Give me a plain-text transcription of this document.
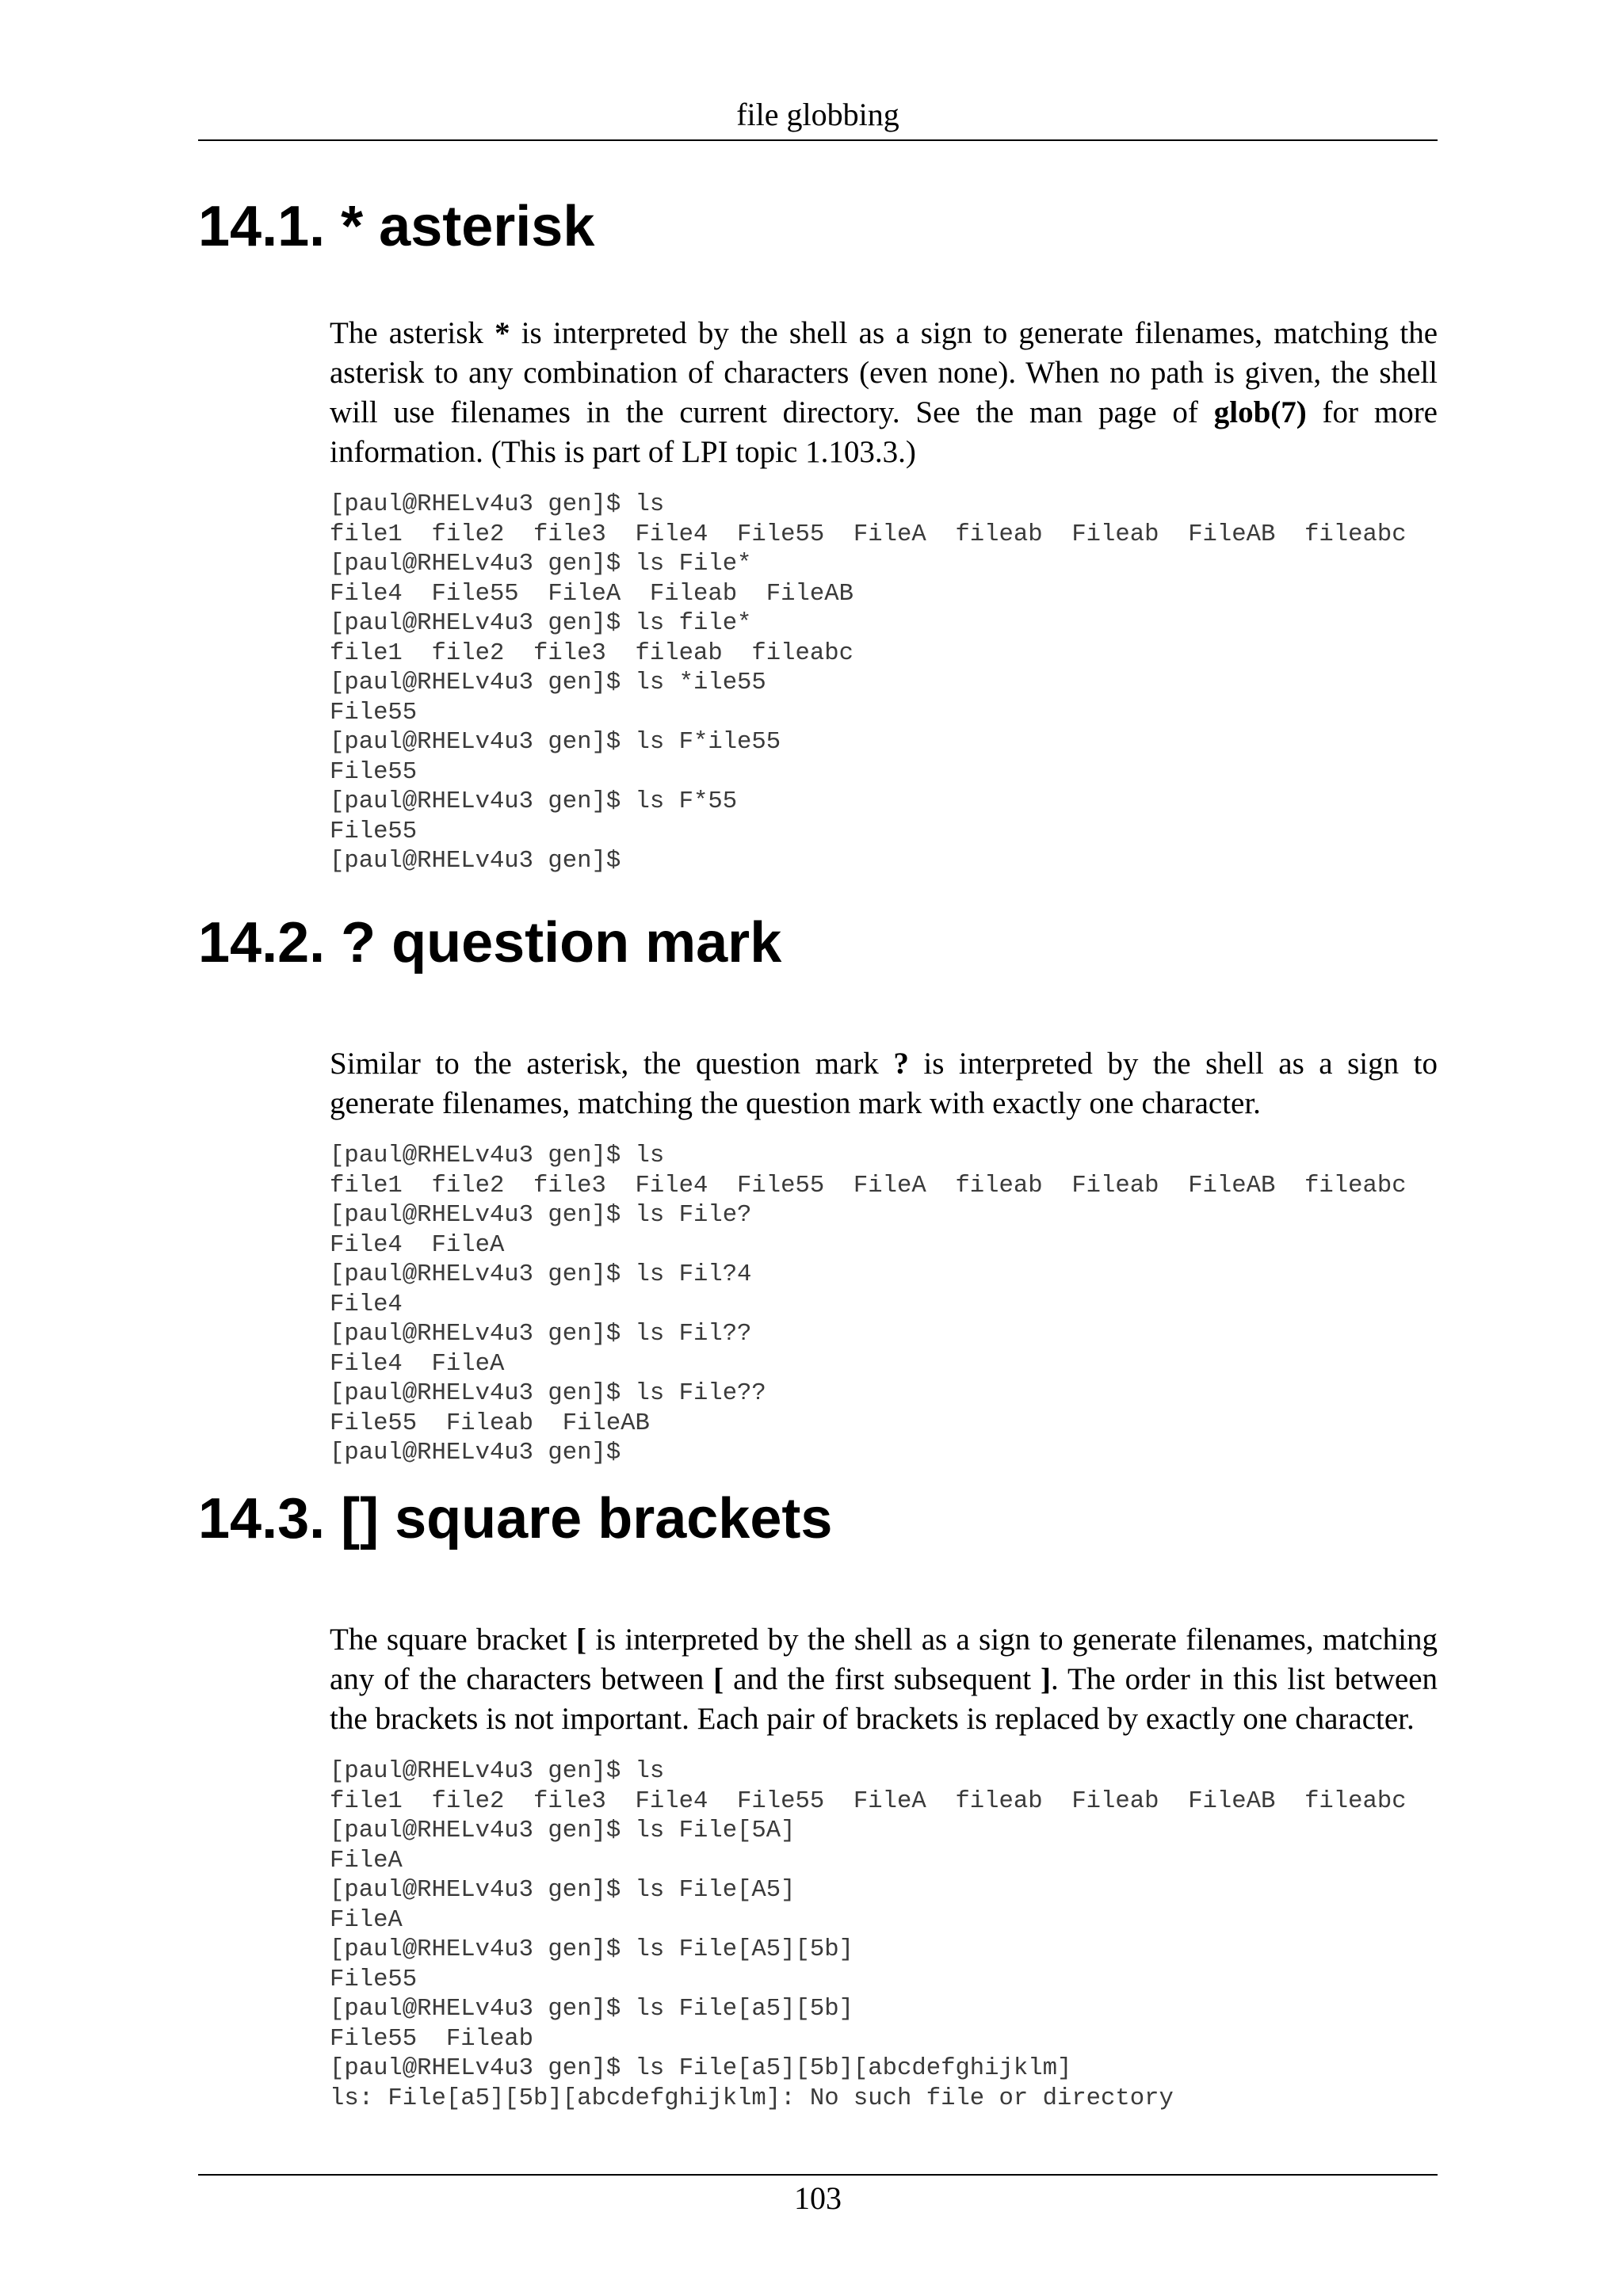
file globbing
14.1. * asterisk

The asterisk * is interpreted by the shell as a sign to generate filenames, matching the asterisk to any combination of characters (even none). When no path is given, the shell will use filenames in the current directory. See the man page of glob(7) for more information. (This is part of LPI topic 1.103.3.)

[paul@RHELv4u3 gen]$ ls
file1  file2  file3  File4  File55  FileA  fileab  Fileab  FileAB  fileabc
[paul@RHELv4u3 gen]$ ls File*
File4  File55  FileA  Fileab  FileAB
[paul@RHELv4u3 gen]$ ls file*
file1  file2  file3  fileab  fileabc
[paul@RHELv4u3 gen]$ ls *ile55
File55
[paul@RHELv4u3 gen]$ ls F*ile55
File55
[paul@RHELv4u3 gen]$ ls F*55
File55
[paul@RHELv4u3 gen]$
14.2. ? question mark

Similar to the asterisk, the question mark ? is interpreted by the shell as a sign to generate filenames, matching the question mark with exactly one character.

[paul@RHELv4u3 gen]$ ls
file1  file2  file3  File4  File55  FileA  fileab  Fileab  FileAB  fileabc
[paul@RHELv4u3 gen]$ ls File?
File4  FileA
[paul@RHELv4u3 gen]$ ls Fil?4
File4
[paul@RHELv4u3 gen]$ ls Fil??
File4  FileA
[paul@RHELv4u3 gen]$ ls File??
File55  Fileab  FileAB
[paul@RHELv4u3 gen]$
14.3. [] square brackets

The square bracket [ is interpreted by the shell as a sign to generate filenames, matching any of the characters between [ and the first subsequent ]. The order in this list between the brackets is not important. Each pair of brackets is replaced by exactly one character.

[paul@RHELv4u3 gen]$ ls
file1  file2  file3  File4  File55  FileA  fileab  Fileab  FileAB  fileabc
[paul@RHELv4u3 gen]$ ls File[5A]
FileA
[paul@RHELv4u3 gen]$ ls File[A5]
FileA
[paul@RHELv4u3 gen]$ ls File[A5][5b]
File55
[paul@RHELv4u3 gen]$ ls File[a5][5b]
File55  Fileab
[paul@RHELv4u3 gen]$ ls File[a5][5b][abcdefghijklm]
ls: File[a5][5b][abcdefghijklm]: No such file or directory
103
